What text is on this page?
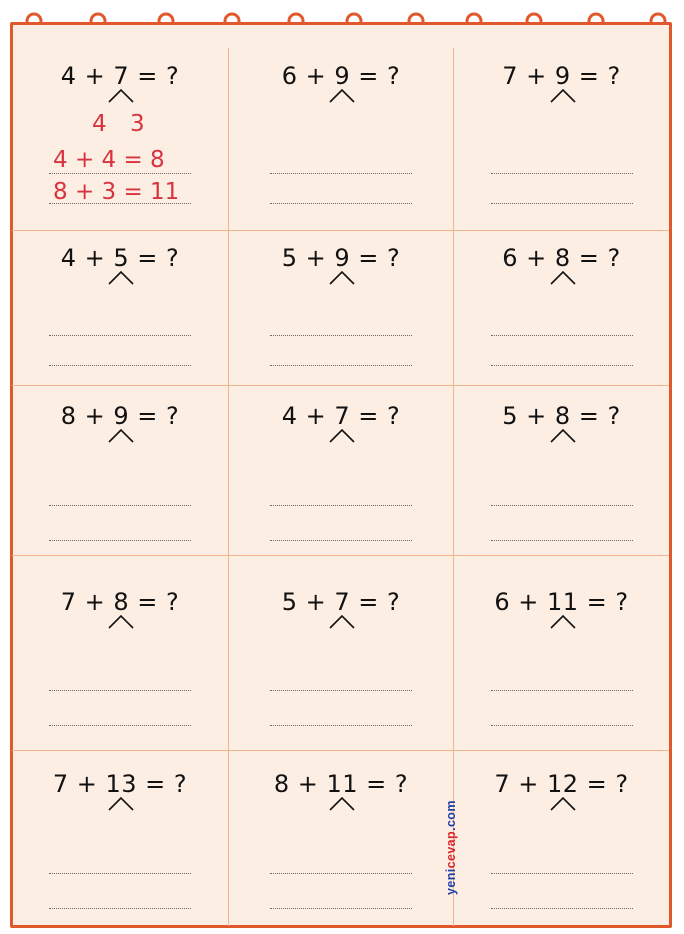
4 + 7 = ?	6 + 9 = ?	7 + 9 = ?
4 + 5 = ?	5 + 9 = ?	6 + 8 = ?
8 + 9 = ?	4 + 7 = ?	5 + 8 = ?
7 + 8 = ?	5 + 7 = ?	6 + 11 = ?
7 + 13 = ?	8 + 11 = ?	7 + 12 = ?
4 3
4 + 4 = 8
8 + 3 = 11
yenicevap.com
